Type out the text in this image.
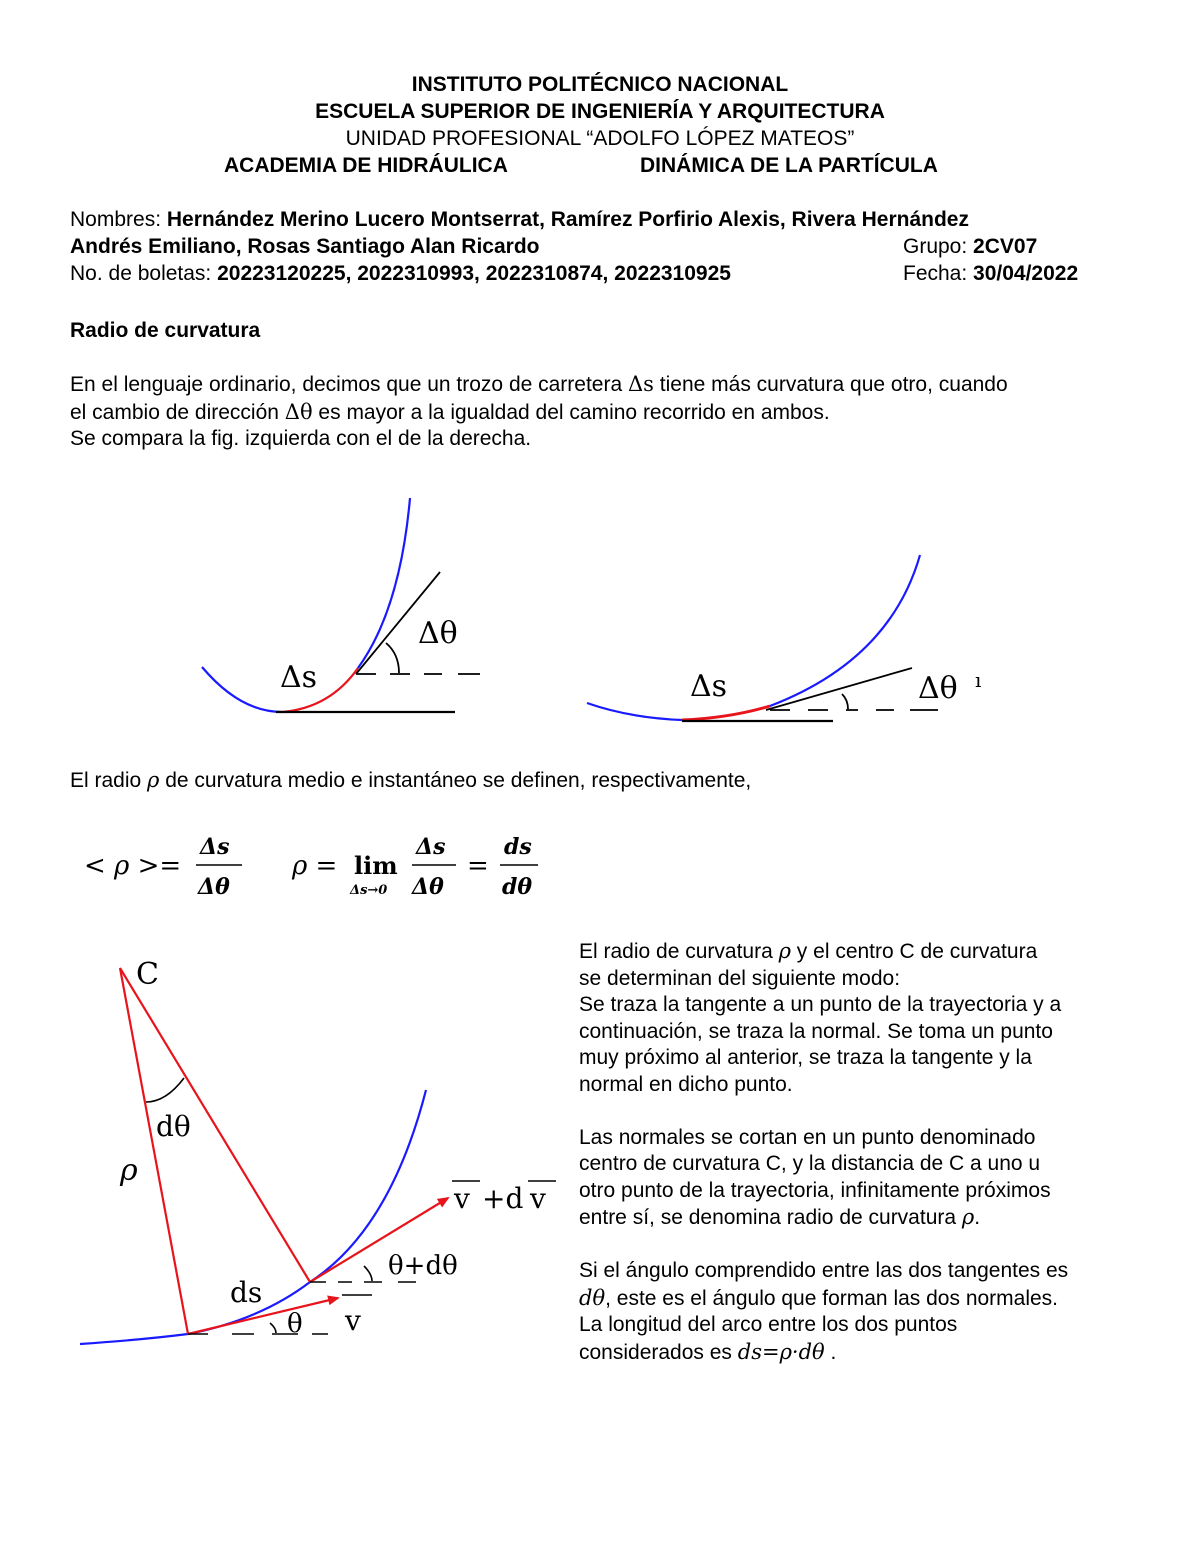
INSTITUTO POLITÉCNICO NACIONAL
ESCUELA SUPERIOR DE INGENIERÍA Y ARQUITECTURA
UNIDAD PROFESIONAL “ADOLFO LÓPEZ MATEOS”
ACADEMIA DE HIDRÁULICA	DINÁMICA DE LA PARTÍCULA
Nombres: Hernández Merino Lucero Montserrat, Ramírez Porfirio Alexis, Rivera Hernández
Andrés Emiliano, Rosas Santiago Alan Ricardo	Grupo: 2CV07
No. de boletas: 20223120225, 2022310993, 2022310874, 2022310925	Fecha: 30/04/2022
Radio de curvatura
En el lenguaje ordinario, decimos que un trozo de carretera Δs tiene más curvatura que otro, cuando
el cambio de dirección Δθ es mayor a la igualdad del camino recorrido en ambos.
Se compara la fig. izquierda con el de la derecha.
Δs
Δθ
Δs	Δθ ı
El radio ρ de curvatura medio e instantáneo se definen, respectivamente,
< ρ >=
Δs
Δθ
ρ = lim
Δs→0
Δs
Δθ
=
ds
dθ
C
dθ
ρ
ds
θ
θ+dθ
v
v +d v
El radio de curvatura ρ y el centro C de curvatura
se determinan del siguiente modo:
Se traza la tangente a un punto de la trayectoria y a
continuación, se traza la normal. Se toma un punto
muy próximo al anterior, se traza la tangente y la
normal en dicho punto.

Las normales se cortan en un punto denominado
centro de curvatura C, y la distancia de C a uno u
otro punto de la trayectoria, infinitamente próximos
entre sí, se denomina radio de curvatura ρ.

Si el ángulo comprendido entre las dos tangentes es
dθ, este es el ángulo que forman las dos normales.
La longitud del arco entre los dos puntos
considerados es ds=ρ·dθ .
